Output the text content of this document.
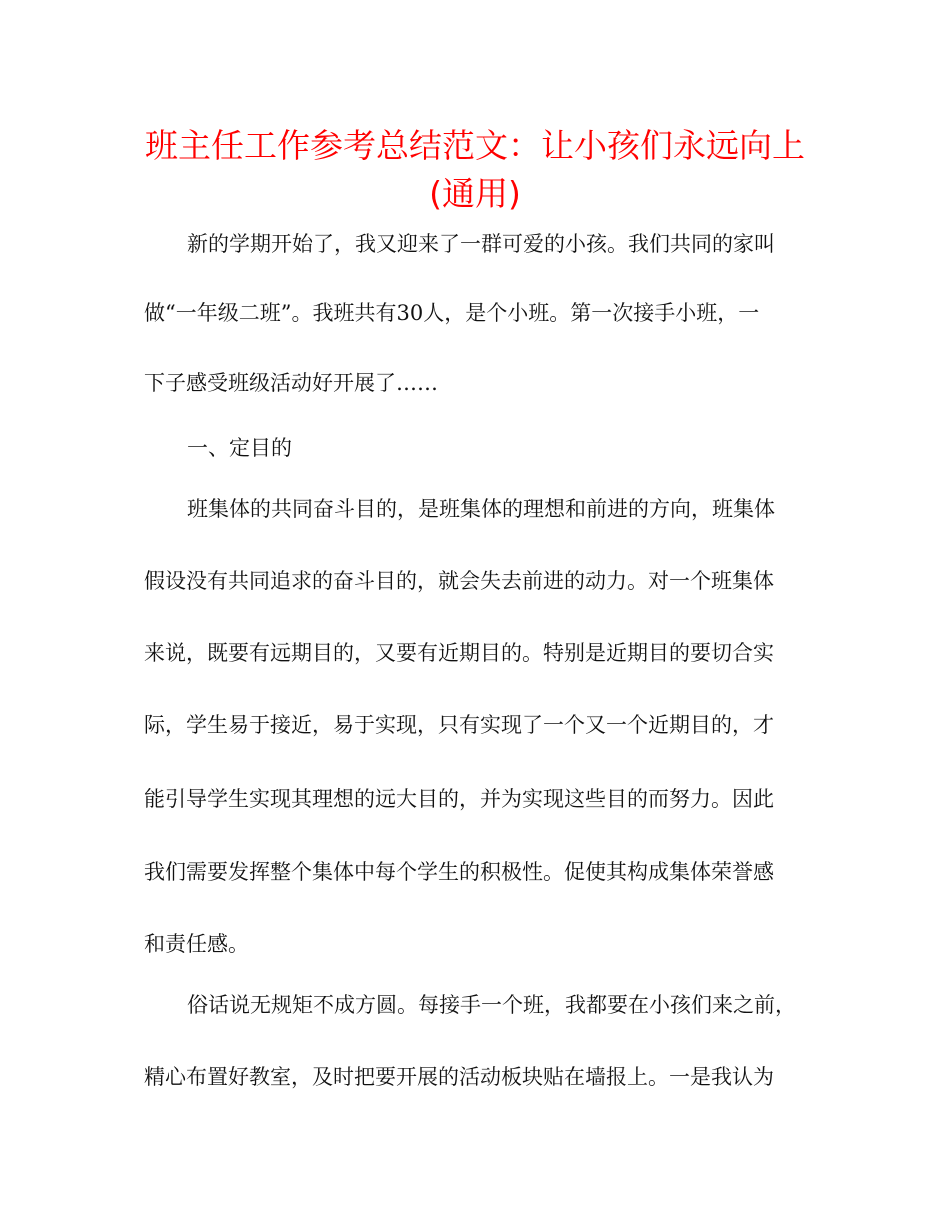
班主任工作参考总结范文：让小孩们永远向上
(通用)

新的学期开始了，我又迎来了一群可爱的小孩。我们共同的家叫

做“一年级二班”。我班共有30人，是个小班。第一次接手小班，一

下子感受班级活动好开展了……

一、定目的

班集体的共同奋斗目的，是班集体的理想和前进的方向，班集体

假设没有共同追求的奋斗目的，就会失去前进的动力。对一个班集体

来说，既要有远期目的，又要有近期目的。特别是近期目的要切合实

际，学生易于接近，易于实现，只有实现了一个又一个近期目的，才

能引导学生实现其理想的远大目的，并为实现这些目的而努力。因此

我们需要发挥整个集体中每个学生的积极性。促使其构成集体荣誉感

和责任感。

俗话说无规矩不成方圆。每接手一个班，我都要在小孩们来之前，

精心布置好教室，及时把要开展的活动板块贴在墙报上。一是我认为
